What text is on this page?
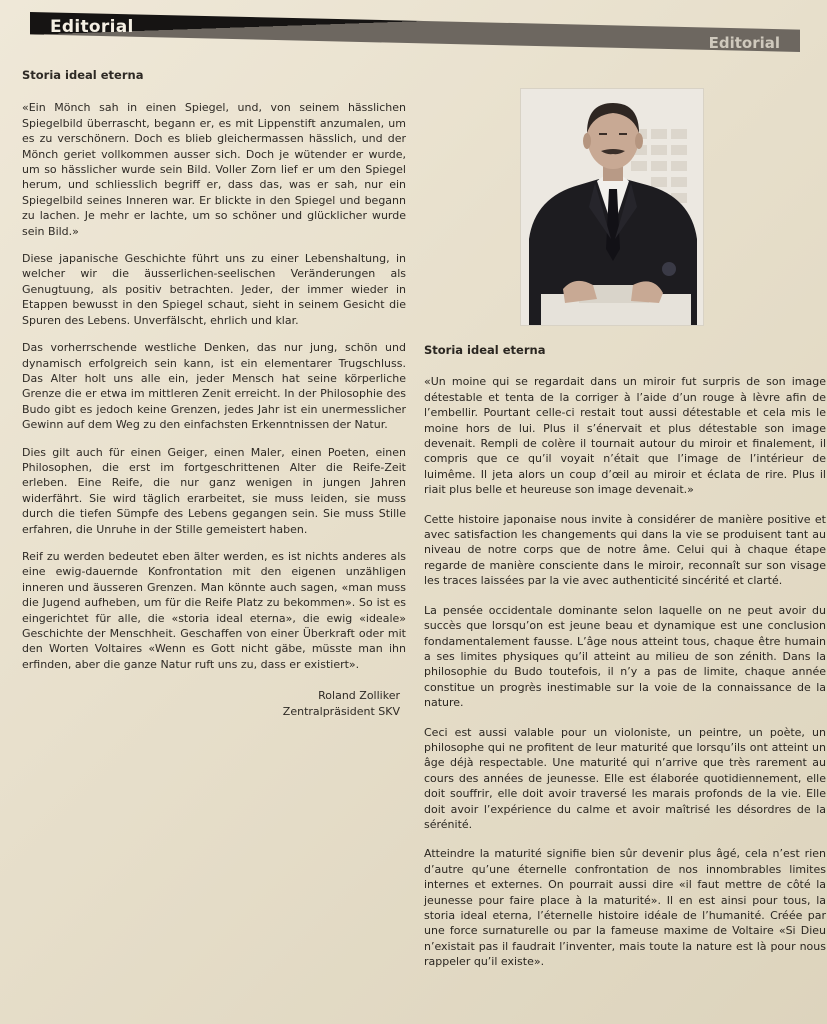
Editorial
Editorial
Storia ideal eterna

«Ein Mönch sah in einen Spiegel, und, von seinem hässlichen Spiegelbild überrascht, begann er, es mit Lippenstift anzumalen, um es zu verschönern. Doch es blieb gleichermassen hässlich, und der Mönch geriet vollkommen ausser sich. Doch je wütender er wurde, um so hässlicher wurde sein Bild. Voller Zorn lief er um den Spiegel herum, und schliesslich begriff er, dass das, was er sah, nur ein Spiegelbild seines Inneren war. Er blickte in den Spiegel und begann zu lachen. Je mehr er lachte, um so schöner und glücklicher wurde sein Bild.»

Diese japanische Geschichte führt uns zu einer Lebenshaltung, in welcher wir die äusserlichen-seelischen Veränderungen als Genugtuung, als positiv betrachten. Jeder, der immer wieder in Etappen bewusst in den Spiegel schaut, sieht in seinem Gesicht die Spuren des Lebens. Unverfälscht, ehrlich und klar.

Das vorherrschende westliche Denken, das nur jung, schön und dynamisch erfolgreich sein kann, ist ein elementarer Trugschluss. Das Alter holt uns alle ein, jeder Mensch hat seine körperliche Grenze die er etwa im mittleren Zenit erreicht. In der Philosophie des Budo gibt es jedoch keine Grenzen, jedes Jahr ist ein unermesslicher Gewinn auf dem Weg zu den einfachsten Erkenntnissen der Natur.

Dies gilt auch für einen Geiger, einen Maler, einen Poeten, einen Philosophen, die erst im fortgeschrittenen Alter die Reife-Zeit erleben. Eine Reife, die nur ganz wenigen in jungen Jahren widerfährt. Sie wird täglich erarbeitet, sie muss leiden, sie muss durch die tiefen Sümpfe des Lebens gegangen sein. Sie muss Stille erfahren, die Unruhe in der Stille gemeistert haben.

Reif zu werden bedeutet eben älter werden, es ist nichts anderes als eine ewig-dauernde Konfrontation mit den eigenen unzähligen inneren und äusseren Grenzen. Man könnte auch sagen, «man muss die Jugend aufheben, um für die Reife Platz zu bekommen». So ist es eingerichtet für alle, die «storia ideal eterna», die ewig «ideale» Geschichte der Menschheit. Geschaffen von einer Überkraft oder mit den Worten Voltaires «Wenn es Gott nicht gäbe, müsste man ihn erfinden, aber die ganze Natur ruft uns zu, dass er existiert».

Roland Zolliker
Zentralpräsident SKV
Storia ideal eterna

«Un moine qui se regardait dans un miroir fut surpris de son image détestable et tenta de la corriger à l’aide d’un rouge à lèvre afin de l’embellir. Pourtant celle-ci restait tout aussi détestable et cela mis le moine hors de lui. Plus il s’énervait et plus détestable son image devenait. Rempli de colère il tournait autour du miroir et finalement, il compris que ce qu’il voyait n’était que l’image de l’intérieur de luimême. Il jeta alors un coup d’œil au miroir et éclata de rire. Plus il riait plus belle et heureuse son image devenait.»

Cette histoire japonaise nous invite à considérer de manière positive et avec satisfaction les changements qui dans la vie se produisent tant au niveau de notre corps que de notre âme. Celui qui à chaque étape regarde de manière consciente dans le miroir, reconnaît sur son visage les traces laissées par la vie avec authenticité sincérité et clarté.

La pensée occidentale dominante selon laquelle on ne peut avoir du succès que lorsqu’on est jeune beau et dynamique est une conclusion fondamentalement fausse. L’âge nous atteint tous, chaque être humain a ses limites physiques qu’il atteint au milieu de son zénith. Dans la philosophie du Budo toutefois, il n’y a pas de limite, chaque année constitue un progrès inestimable sur la voie de la connaissance de la nature.

Ceci est aussi valable pour un violoniste, un peintre, un poète, un philosophe qui ne profitent de leur maturité que lorsqu’ils ont atteint un âge déjà respectable. Une maturité qui n’arrive que très rarement au cours des années de jeunesse. Elle est élaborée quotidiennement, elle doit souffrir, elle doit avoir traversé les marais profonds de la vie. Elle doit avoir l’expérience du calme et avoir maîtrisé les désordres de la sérénité.

Atteindre la maturité signifie bien sûr devenir plus âgé, cela n’est rien d’autre qu’une éternelle confrontation de nos innombrables limites internes et externes. On pourrait aussi dire «il faut mettre de côté la jeunesse pour faire place à la maturité». Il en est ainsi pour tous, la storia ideal eterna, l’éternelle histoire idéale de l’humanité. Créée par une force surnaturelle ou par la fameuse maxime de Voltaire «Si Dieu n’existait pas il faudrait l’inventer, mais toute la nature est là pour nous rappeler qu’il existe».
